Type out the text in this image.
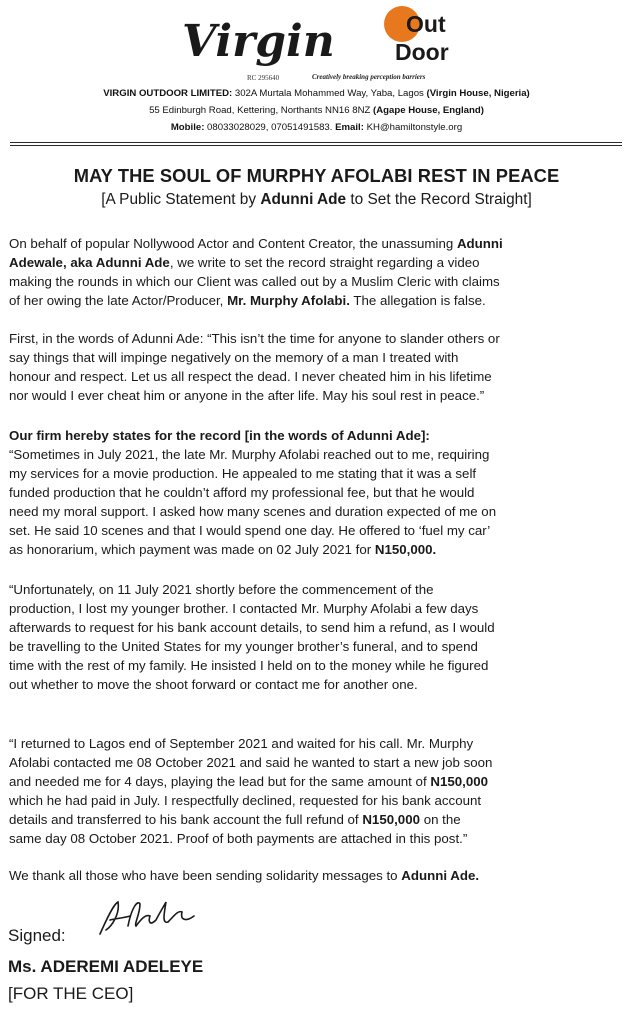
Virgin	Out
Door
RC 295640	Creatively breaking perception barriers
VIRGIN OUTDOOR LIMITED: 302A Murtala Mohammed Way, Yaba, Lagos (Virgin House, Nigeria)
55 Edinburgh Road, Kettering, Northants NN16 8NZ (Agape House, England)
Mobile: 08033028029, 07051491583. Email: KH@hamiltonstyle.org
MAY THE SOUL OF MURPHY AFOLABI REST IN PEACE
[A Public Statement by Adunni Ade to Set the Record Straight]
On behalf of popular Nollywood Actor and Content Creator, the unassuming Adunni
Adewale, aka Adunni Ade, we write to set the record straight regarding a video
making the rounds in which our Client was called out by a Muslim Cleric with claims
of her owing the late Actor/Producer, Mr. Murphy Afolabi. The allegation is false.
First, in the words of Adunni Ade: “This isn’t the time for anyone to slander others or
say things that will impinge negatively on the memory of a man I treated with
honour and respect. Let us all respect the dead. I never cheated him in his lifetime
nor would I ever cheat him or anyone in the after life. May his soul rest in peace.”
Our firm hereby states for the record [in the words of Adunni Ade]:
“Sometimes in July 2021, the late Mr. Murphy Afolabi reached out to me, requiring
my services for a movie production. He appealed to me stating that it was a self
funded production that he couldn’t afford my professional fee, but that he would
need my moral support. I asked how many scenes and duration expected of me on
set. He said 10 scenes and that I would spend one day. He offered to ‘fuel my car’
as honorarium, which payment was made on 02 July 2021 for N150,000.
“Unfortunately, on 11 July 2021 shortly before the commencement of the
production, I lost my younger brother. I contacted Mr. Murphy Afolabi a few days
afterwards to request for his bank account details, to send him a refund, as I would
be travelling to the United States for my younger brother’s funeral, and to spend
time with the rest of my family. He insisted I held on to the money while he figured
out whether to move the shoot forward or contact me for another one.
“I returned to Lagos end of September 2021 and waited for his call. Mr. Murphy
Afolabi contacted me 08 October 2021 and said he wanted to start a new job soon
and needed me for 4 days, playing the lead but for the same amount of N150,000
which he had paid in July. I respectfully declined, requested for his bank account
details and transferred to his bank account the full refund of N150,000 on the
same day 08 October 2021. Proof of both payments are attached in this post.”
We thank all those who have been sending solidarity messages to Adunni Ade.
Signed:
Ms. ADEREMI ADELEYE
[FOR THE CEO]
